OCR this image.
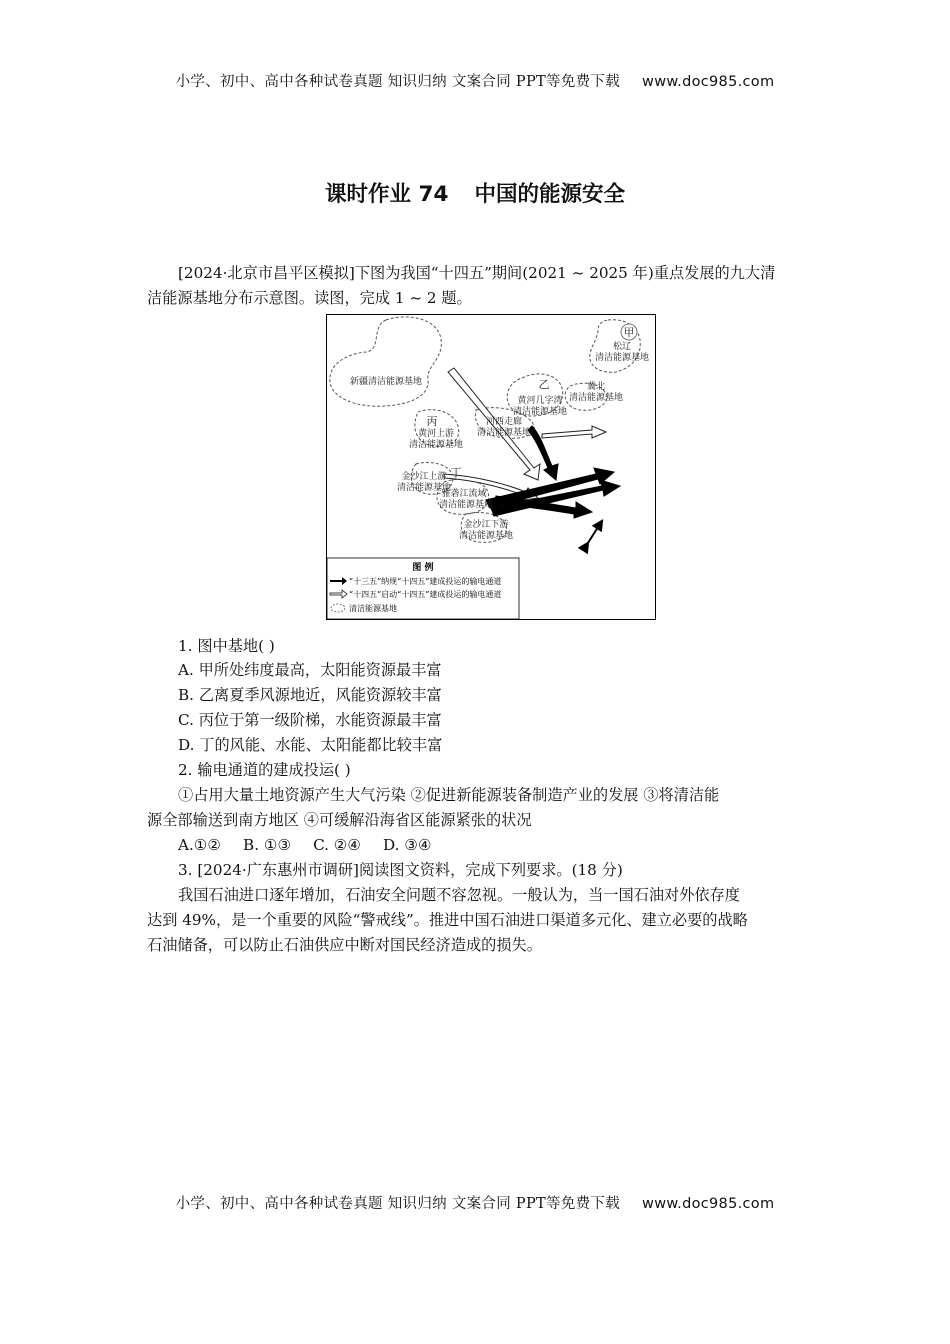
小学、初中、高中各种试卷真题 知识归纳 文案合同 PPT等免费下载 www.doc985.com
课时作业 74 中国的能源安全
[2024·北京市昌平区模拟]下图为我国“十四五”期间(2021 ~ 2025 年)重点发展的九大清
洁能源基地分布示意图。读图，完成 1 ~ 2 题。
甲
松辽
清洁能源基地
新疆清洁能源基地	乙	冀北
清洁能源基地
黄河几字湾
清洁能源基地
河西走廊
清洁能源基地
丙
黄河上游
清洁能源基地
丁
金沙江上游
清洁能源基地
雅砻江流域
清洁能源基地
金沙江下游
清洁能源基地
图 例
“十三五”纳规“十四五”建成投运的输电通道
“十四五”启动“十四五”建成投运的输电通道
清洁能源基地
1. 图中基地( )
A. 甲所处纬度最高，太阳能资源最丰富
B. 乙离夏季风源地近，风能资源较丰富
C. 丙位于第一级阶梯，水能资源最丰富
D. 丁的风能、水能、太阳能都比较丰富
2. 输电通道的建成投运( )
①占用大量土地资源产生大气污染 ②促进新能源装备制造产业的发展 ③将清洁能
源全部输送到南方地区 ④可缓解沿海省区能源紧张的状况
A.①② B. ①③ C. ②④ D. ③④
3. [2024·广东惠州市调研]阅读图文资料，完成下列要求。(18 分)
我国石油进口逐年增加，石油安全问题不容忽视。一般认为，当一国石油对外依存度
达到 49%，是一个重要的风险“警戒线”。推进中国石油进口渠道多元化、建立必要的战略
石油储备，可以防止石油供应中断对国民经济造成的损失。
小学、初中、高中各种试卷真题 知识归纳 文案合同 PPT等免费下载 www.doc985.com
